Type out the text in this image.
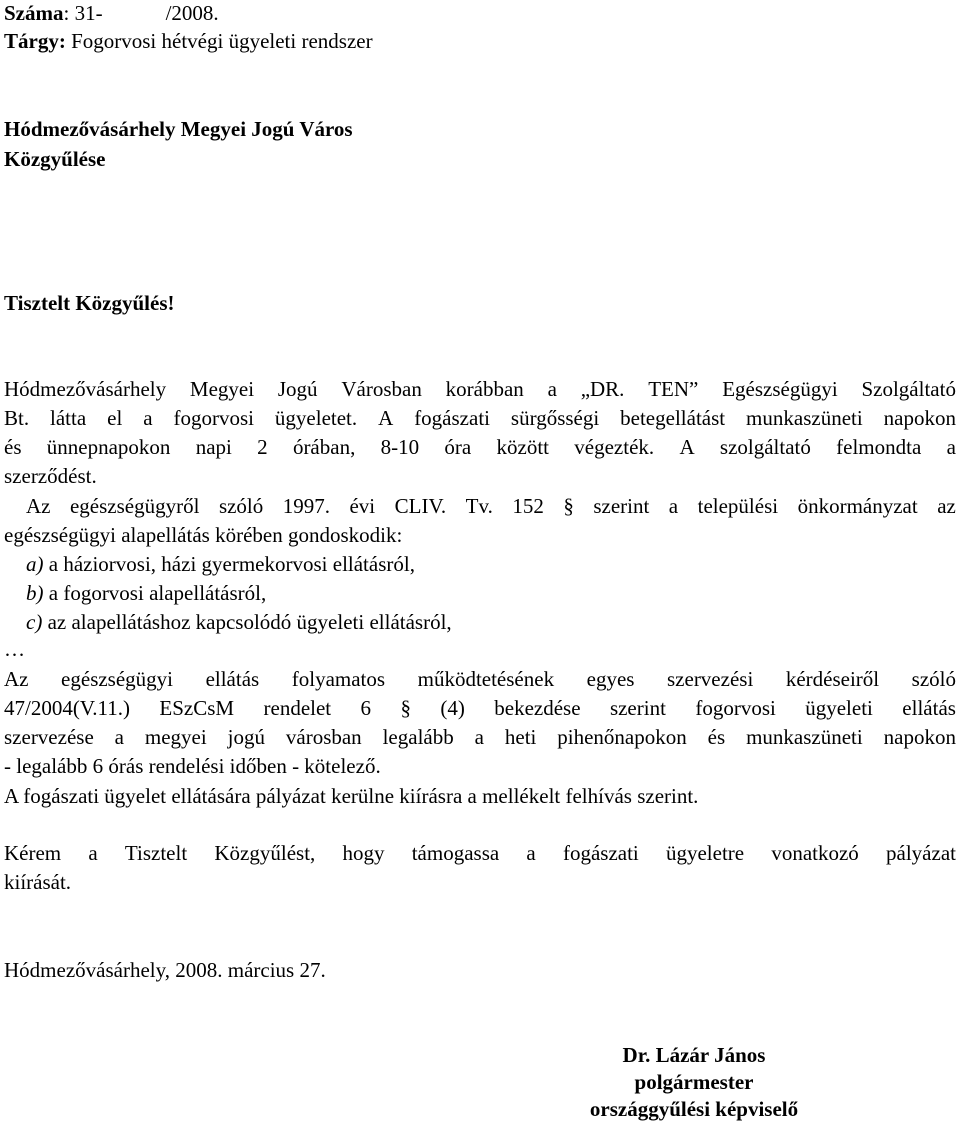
Száma: 31-            /2008.
Tárgy: Fogorvosi hétvégi ügyeleti rendszer
Hódmezővásárhely Megyei Jogú Város
Közgyűlése
Tisztelt Közgyűlés!
Hódmezővásárhely Megyei Jogú Városban korábban a „DR. TEN” Egészségügyi Szolgáltató
Bt. látta el a fogorvosi ügyeletet. A fogászati sürgősségi betegellátást munkaszüneti napokon
és ünnepnapokon napi 2 órában, 8-10 óra között végezték. A szolgáltató felmondta a
szerződést.
Az egészségügyről szóló 1997. évi CLIV. Tv. 152 § szerint a települési önkormányzat az
egészségügyi alapellátás körében gondoskodik:
a) a háziorvosi, házi gyermekorvosi ellátásról,
b) a fogorvosi alapellátásról,
c) az alapellátáshoz kapcsolódó ügyeleti ellátásról,
…
Az egészségügyi ellátás folyamatos működtetésének egyes szervezési kérdéseiről szóló
47/2004(V.11.) ESzCsM rendelet 6 § (4) bekezdése szerint fogorvosi ügyeleti ellátás
szervezése a megyei jogú városban legalább a heti pihenőnapokon és munkaszüneti napokon
- legalább 6 órás rendelési időben - kötelező.
A fogászati ügyelet ellátására pályázat kerülne kiírásra a mellékelt felhívás szerint.
Kérem a Tisztelt Közgyűlést, hogy támogassa a fogászati ügyeletre vonatkozó pályázat
kiírását.
Hódmezővásárhely, 2008. március 27.
Dr. Lázár János
polgármester
országgyűlési képviselő
